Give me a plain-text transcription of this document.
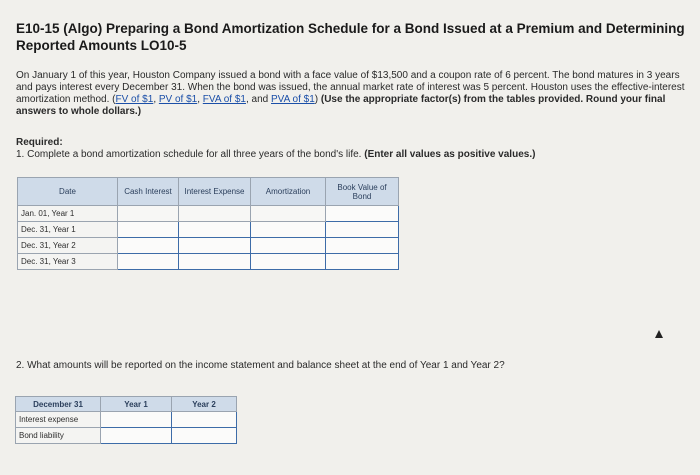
E10-15 (Algo) Preparing a Bond Amortization Schedule for a Bond Issued at a Premium and Determining Reported Amounts LO10-5
On January 1 of this year, Houston Company issued a bond with a face value of $13,500 and a coupon rate of 6 percent. The bond matures in 3 years and pays interest every December 31. When the bond was issued, the annual market rate of interest was 5 percent. Houston uses the effective-interest amortization method. (FV of $1, PV of $1, FVA of $1, and PVA of $1) (Use the appropriate factor(s) from the tables provided. Round your final answers to whole dollars.)
Required:
1. Complete a bond amortization schedule for all three years of the bond's life. (Enter all values as positive values.)
Date	Cash Interest	Interest Expense	Amortization	Book Value of Bond
Jan. 01, Year 1				
Dec. 31, Year 1				
Dec. 31, Year 2				
Dec. 31, Year 3				
2. What amounts will be reported on the income statement and balance sheet at the end of Year 1 and Year 2?
December 31	Year 1	Year 2
Interest expense		
Bond liability		
